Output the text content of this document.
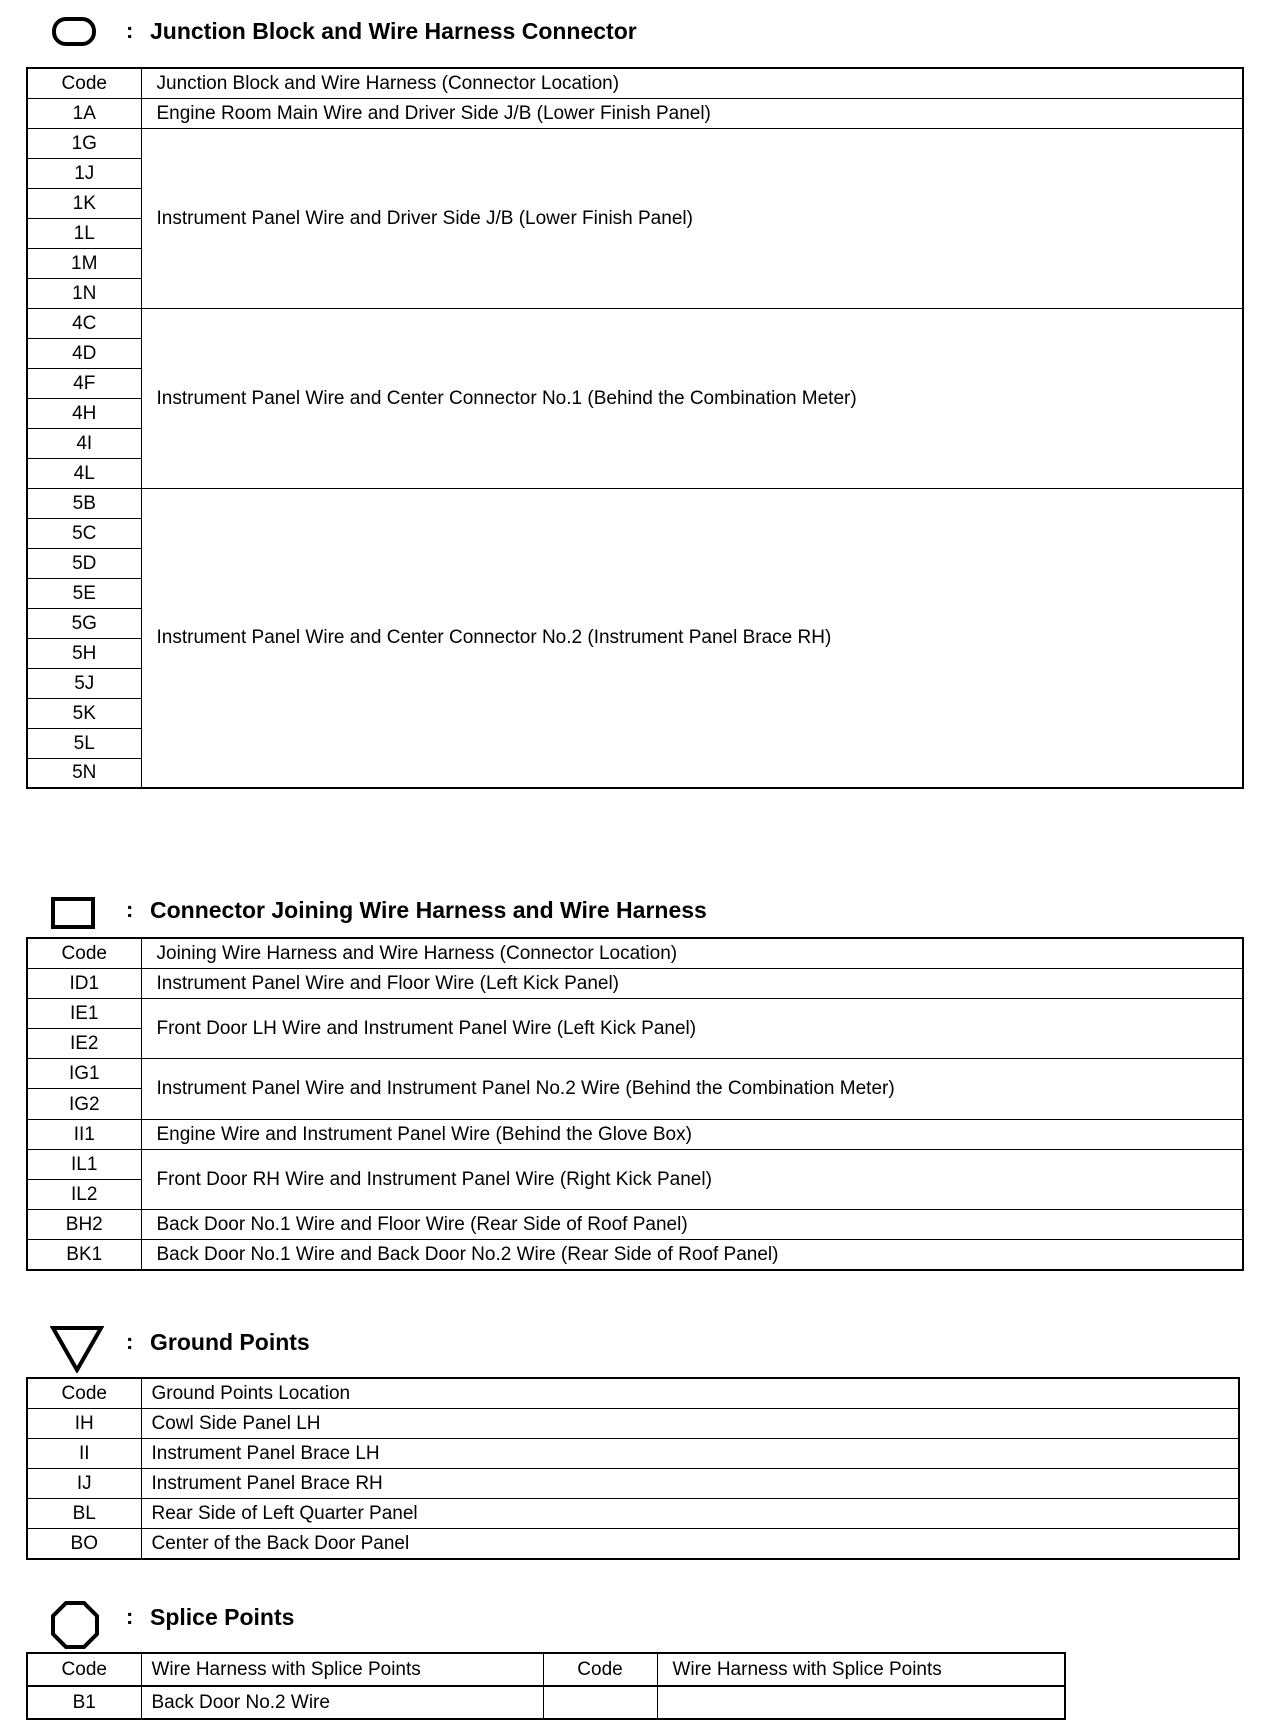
: Junction Block and Wire Harness Connector
Code	Junction Block and Wire Harness (Connector Location)
1A	Engine Room Main Wire and Driver Side J/B (Lower Finish Panel)
1G	Instrument Panel Wire and Driver Side J/B (Lower Finish Panel)
1J	
1K	
1L	
1M	
1N	
4C	Instrument Panel Wire and Center Connector No.1 (Behind the Combination Meter)
4D	
4F	
4H	
4I	
4L	
5B	Instrument Panel Wire and Center Connector No.2 (Instrument Panel Brace RH)
5C	
5D	
5E	
5G	
5H	
5J	
5K	
5L	
5N	
: Connector Joining Wire Harness and Wire Harness
Code	Joining Wire Harness and Wire Harness (Connector Location)
ID1	Instrument Panel Wire and Floor Wire (Left Kick Panel)
IE1	Front Door LH Wire and Instrument Panel Wire (Left Kick Panel)
IE2	
IG1	Instrument Panel Wire and Instrument Panel No.2 Wire (Behind the Combination Meter)
IG2	
II1	Engine Wire and Instrument Panel Wire (Behind the Glove Box)
IL1	Front Door RH Wire and Instrument Panel Wire (Right Kick Panel)
IL2	
BH2	Back Door No.1 Wire and Floor Wire (Rear Side of Roof Panel)
BK1	Back Door No.1 Wire and Back Door No.2 Wire (Rear Side of Roof Panel)
: Ground Points
Code	Ground Points Location
IH	Cowl Side Panel LH
II	Instrument Panel Brace LH
IJ	Instrument Panel Brace RH
BL	Rear Side of Left Quarter Panel
BO	Center of the Back Door Panel
: Splice Points
Code	Wire Harness with Splice Points	Code	Wire Harness with Splice Points
B1	Back Door No.2 Wire		
